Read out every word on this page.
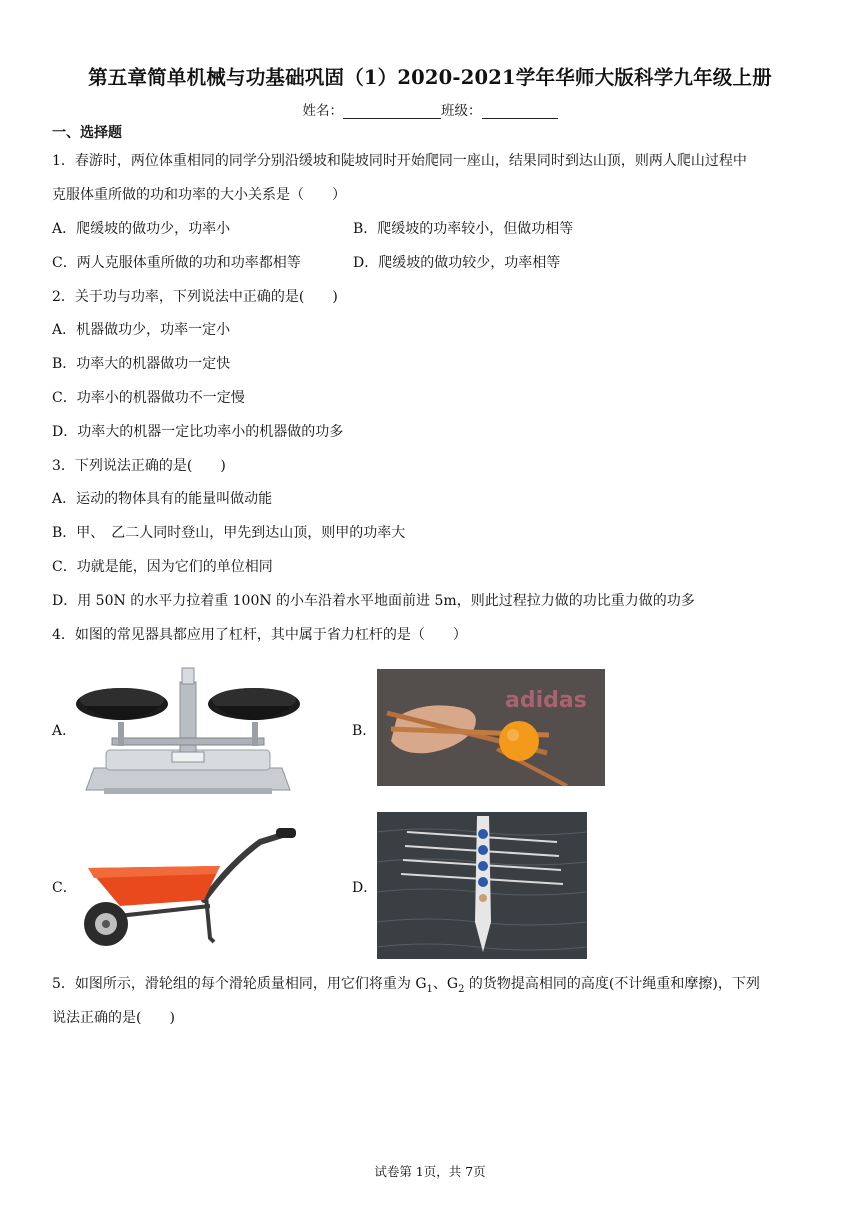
第五章简单机械与功基础巩固（1）2020-2021学年华师大版科学九年级上册
姓名：	班级：
一、选择题
1．春游时，两位体重相同的同学分别沿缓坡和陡坡同时开始爬同一座山，结果同时到达山顶，则两人爬山过程中
克服体重所做的功和功率的大小关系是（　　）
A．爬缓坡的做功少，功率小	B．爬缓坡的功率较小，但做功相等
C．两人克服体重所做的功和功率都相等	D．爬缓坡的做功较少，功率相等
2．关于功与功率，下列说法中正确的是(　　)
A．机器做功少，功率一定小
B．功率大的机器做功一定快
C．功率小的机器做功不一定慢
D．功率大的机器一定比功率小的机器做的功多
3．下列说法正确的是(　　)
A．运动的物体具有的能量叫做动能
B．甲、　乙二人同时登山，甲先到达山顶，则甲的功率大
C．功就是能，因为它们的单位相同
D．用 50N 的水平力拉着重 100N 的小车沿着水平地面前进 5m，则此过程拉力做的功比重力做的功多
4．如图的常见器具都应用了杠杆，其中属于省力杠杆的是（　　）
A．	B．
adidas
C．	D．
5．如图所示，滑轮组的每个滑轮质量相同，用它们将重为 $G_1$、$G_2$ 的货物提高相同的高度(不计绳重和摩擦)，下列
说法正确的是(　　)
试卷第 1页，共 7页
